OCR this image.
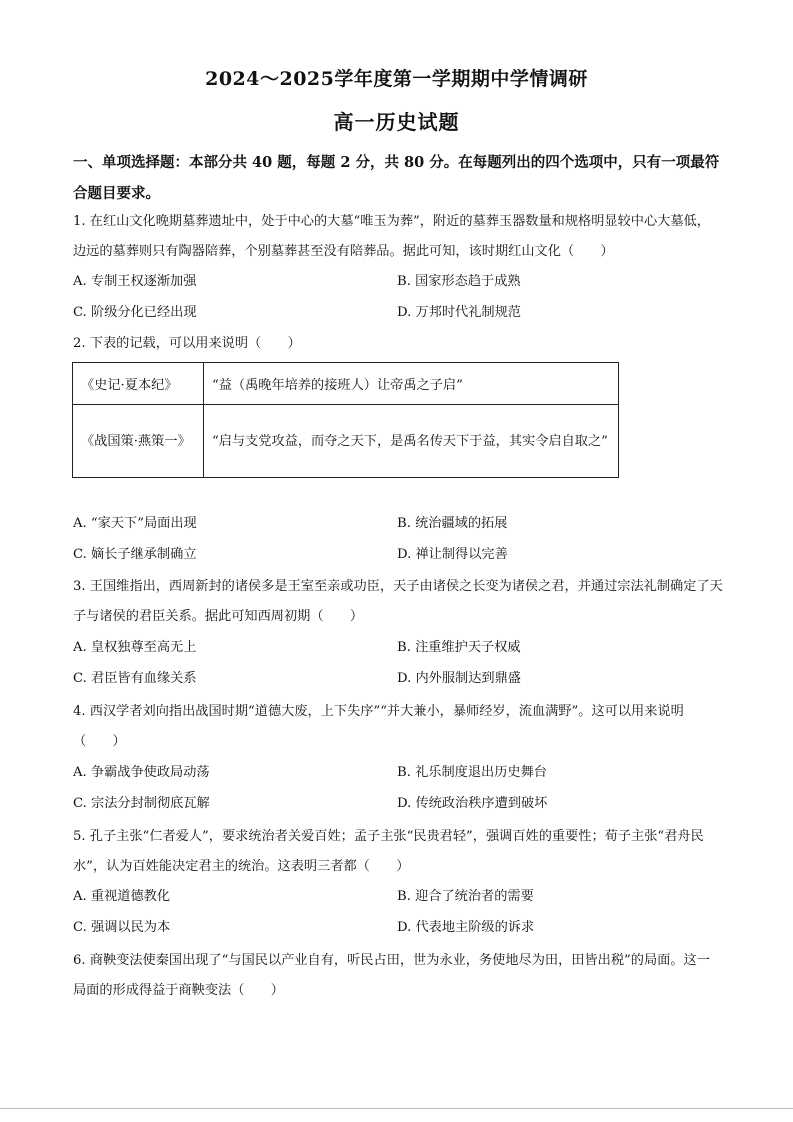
2024～2025学年度第一学期期中学情调研
高一历史试题
一、单项选择题：本部分共 40 题，每题 2 分，共 80 分。在每题列出的四个选项中，只有一项最符合题目要求。
1. 在红山文化晚期墓葬遗址中，处于中心的大墓“唯玉为葬”，附近的墓葬玉器数量和规格明显较中心大墓低，边远的墓葬则只有陶器陪葬，个别墓葬甚至没有陪葬品。据此可知，该时期红山文化（　　）
A. 专制王权逐渐加强	B. 国家形态趋于成熟
C. 阶级分化已经出现	D. 万邦时代礼制规范
2. 下表的记载，可以用来说明（　　）
《史记·夏本纪》	“益（禹晚年培养的接班人）让帝禹之子启”
《战国策·燕策一》	“启与支党攻益，而夺之天下，是禹名传天下于益，其实令启自取之”
A. “家天下”局面出现	B. 统治疆域的拓展
C. 嫡长子继承制确立	D. 禅让制得以完善
3. 王国维指出，西周新封的诸侯多是王室至亲或功臣，天子由诸侯之长变为诸侯之君，并通过宗法礼制确定了天子与诸侯的君臣关系。据此可知西周初期（　　）
A. 皇权独尊至高无上	B. 注重维护天子权威
C. 君臣皆有血缘关系	D. 内外服制达到鼎盛
4. 西汉学者刘向指出战国时期“道德大废，上下失序”“并大兼小，暴师经岁，流血满野”。这可以用来说明（　　）
A. 争霸战争使政局动荡	B. 礼乐制度退出历史舞台
C. 宗法分封制彻底瓦解	D. 传统政治秩序遭到破坏
5. 孔子主张“仁者爱人”，要求统治者关爱百姓；孟子主张“民贵君轻”，强调百姓的重要性；荀子主张“君舟民水”，认为百姓能决定君主的统治。这表明三者都（　　）
A. 重视道德教化	B. 迎合了统治者的需要
C. 强调以民为本	D. 代表地主阶级的诉求
6. 商鞅变法使秦国出现了“与国民以产业自有，听民占田，世为永业，务使地尽为田，田皆出税”的局面。这一局面的形成得益于商鞅变法（　　）
